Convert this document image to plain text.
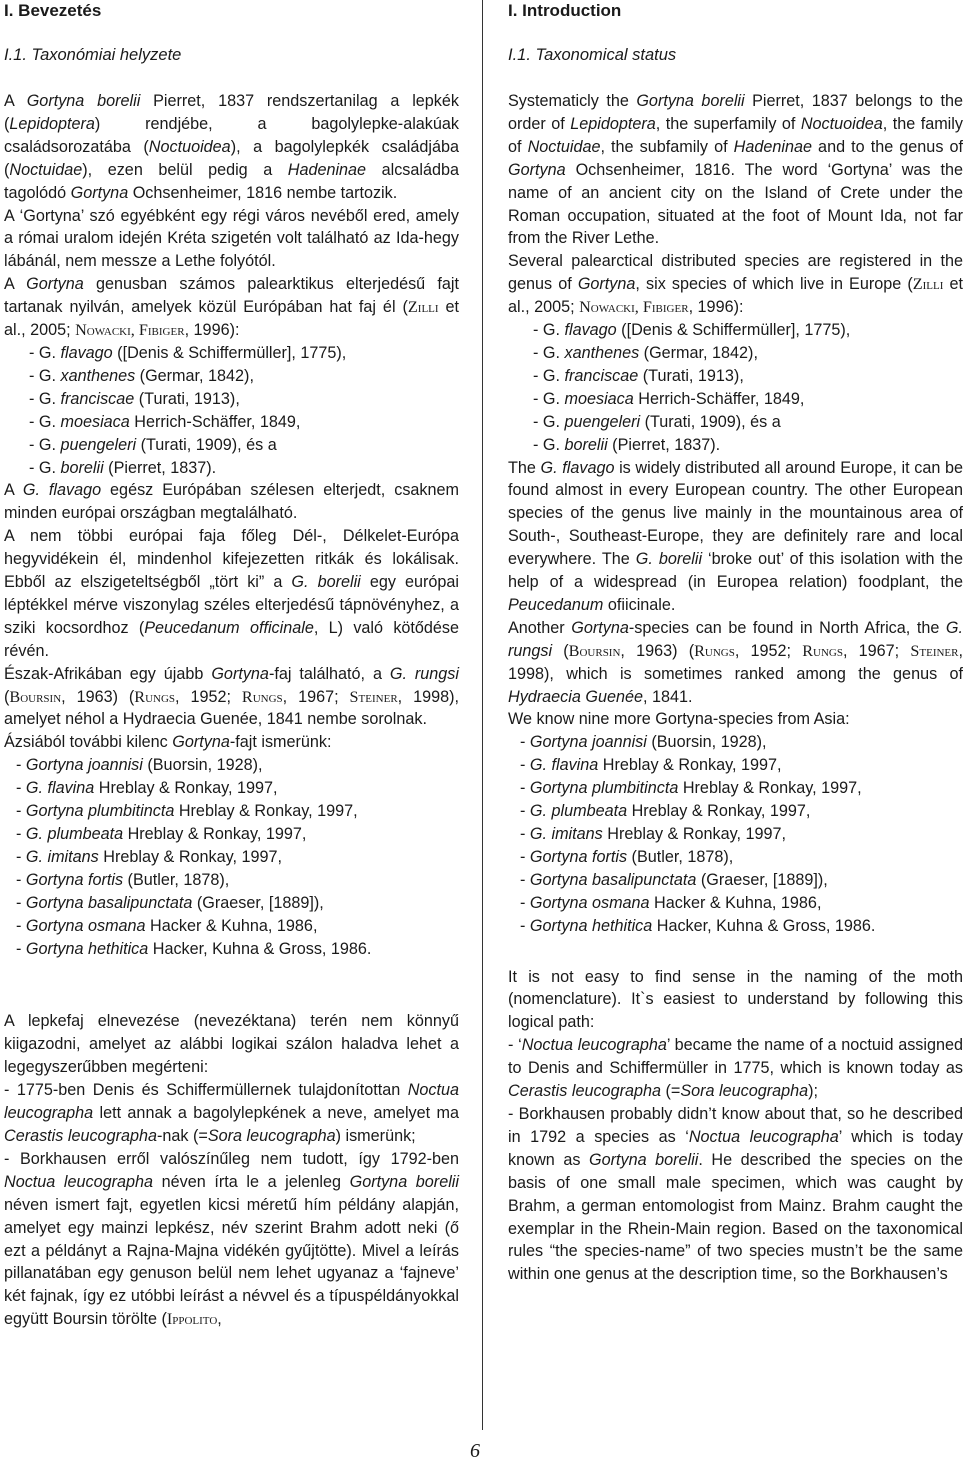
I. Bevezetés
I.1. Taxonómiai helyzete

A Gortyna borelii Pierret, 1837 rendszertanilag a lepkék (Lepidoptera) rendjébe, a bagolylepke-alakúak családsorozatába (Noctuoidea), a bagolylepkék családjába (Noctuidae), ezen belül pedig a Hadeninae alcsaládba tagolódó Gortyna Ochsenheimer, 1816 nembe tartozik.

A ‘Gortyna’ szó egyébként egy régi város nevéből ered, amely a római uralom idején Kréta szigetén volt található az Ida-hegy lábánál, nem messze a Lethe folyótól.

A Gortyna genusban számos palearktikus elterjedésű fajt tartanak nyilván, amelyek közül Európában hat faj él (Zilli et al., 2005; Nowacki, Fibiger, 1996):

- G. flavago ([Denis & Schiffermüller], 1775),
- G. xanthenes (Germar, 1842),
- G. franciscae (Turati, 1913),
- G. moesiaca Herrich-Schäffer, 1849,
- G. puengeleri (Turati, 1909), és a
- G. borelii (Pierret, 1837).

A G. flavago egész Európában szélesen elterjedt, csaknem minden európai országban megtalálható.

A nem többi európai faja főleg Dél-, Délkelet-Európa hegyvidékein él, mindenhol kifejezetten ritkák és lokálisak. Ebből az elszigeteltségből „tört ki” a G. borelii egy európai léptékkel mérve viszonylag széles elterjedésű tápnövényhez, a sziki kocsordhoz (Peucedanum officinale, L) való kötődése révén.

Észak-Afrikában egy újabb Gortyna-faj található, a G. rungsi (Boursin, 1963) (Rungs, 1952; Rungs, 1967; Steiner, 1998), amelyet néhol a Hydraecia Guenée, 1841 nembe sorolnak.

Ázsiából további kilenc Gortyna-fajt ismerünk:

- Gortyna joannisi (Buorsin, 1928),
- G. flavina Hreblay & Ronkay, 1997,
- Gortyna plumbitincta Hreblay & Ronkay, 1997,
- G. plumbeata Hreblay & Ronkay, 1997,
- G. imitans Hreblay & Ronkay, 1997,
- Gortyna fortis (Butler, 1878),
- Gortyna basalipunctata (Graeser, [1889]),
- Gortyna osmana Hacker & Kuhna, 1986,
- Gortyna hethitica Hacker, Kuhna & Gross, 1986.

A lepkefaj elnevezése (nevezéktana) terén nem könnyű kiigazodni, amelyet az alábbi logikai szálon haladva lehet a legegyszerűbben megérteni:

- 1775-ben Denis és Schiffermüllernek tulajdonítottan Noctua leucographa lett annak a bagolylepkének a neve, amelyet ma Cerastis leucographa-nak (=Sora leucographa) ismerünk;

- Borkhausen erről valószínűleg nem tudott, így 1792-ben Noctua leucographa néven írta le a jelenleg Gortyna borelii néven ismert fajt, egyetlen kicsi méretű hím példány alapján, amelyet egy mainzi lepkész, név szerint Brahm adott neki (ő ezt a példányt a Rajna-Majna vidékén gyűjtötte). Mivel a leírás pillanatában egy genuson belül nem lehet ugyanaz a ‘fajneve’ két fajnak, így ez utóbbi leírást a névvel és a típuspéldányokkal együtt Boursin törölte (Ippolito,

I. Introduction
I.1. Taxonomical status

Systematicly the Gortyna borelii Pierret, 1837 belongs to the order of Lepidoptera, the superfamily of Noctuoidea, the family of Noctuidae, the subfamily of Hadeninae and to the genus of Gortyna Ochsenheimer, 1816. The word ‘Gortyna’ was the name of an ancient city on the Island of Crete under the Roman occupation, situated at the foot of Mount Ida, not far from the River Lethe.

Several palearctical distributed species are registered in the genus of Gortyna, six species of which live in Europe (Zilli et al., 2005; Nowacki, Fibiger, 1996):

- G. flavago ([Denis & Schiffermüller], 1775),
- G. xanthenes (Germar, 1842),
- G. franciscae (Turati, 1913),
- G. moesiaca Herrich-Schäffer, 1849,
- G. puengeleri (Turati, 1909), és a
- G. borelii (Pierret, 1837).

The G. flavago is widely distributed all around Europe, it can be found almost in every European country. The other European species of the genus live mainly in the mountainous area of South-, Southeast-Europe, they are definitely rare and local everywhere. The G. borelii ‘broke out’ of this isolation with the help of a widespread (in Europea relation) foodplant, the Peucedanum ofiicinale.

Another Gortyna-species can be found in North Africa, the G. rungsi (Boursin, 1963) (Rungs, 1952; Rungs, 1967; Steiner, 1998), which is sometimes ranked among the genus of Hydraecia Guenée, 1841.

We know nine more Gortyna-species from Asia:

- Gortyna joannisi (Buorsin, 1928),
- G. flavina Hreblay & Ronkay, 1997,
- Gortyna plumbitincta Hreblay & Ronkay, 1997,
- G. plumbeata Hreblay & Ronkay, 1997,
- G. imitans Hreblay & Ronkay, 1997,
- Gortyna fortis (Butler, 1878),
- Gortyna basalipunctata (Graeser, [1889]),
- Gortyna osmana Hacker & Kuhna, 1986,
- Gortyna hethitica Hacker, Kuhna & Gross, 1986.

It is not easy to find sense in the naming of the moth (nomenclature). It`s easiest to understand by following this logical path:

- ‘Noctua leucographa’ became the name of a noctuid assigned to Denis and Schiffermüller in 1775, which is known today as Cerastis leucographa (=Sora leucographa);

- Borkhausen probably didn’t know about that, so he described in 1792 a species as ‘Noctua leucographa’ which is today known as Gortyna borelii. He described the species on the basis of one small male specimen, which was caught by Brahm, a german entomologist from Mainz. Brahm caught the exemplar in the Rhein-Main region. Based on the taxonomical rules “the species-name” of two species mustn’t be the same within one genus at the description time, so the Borkhausen’s

6
